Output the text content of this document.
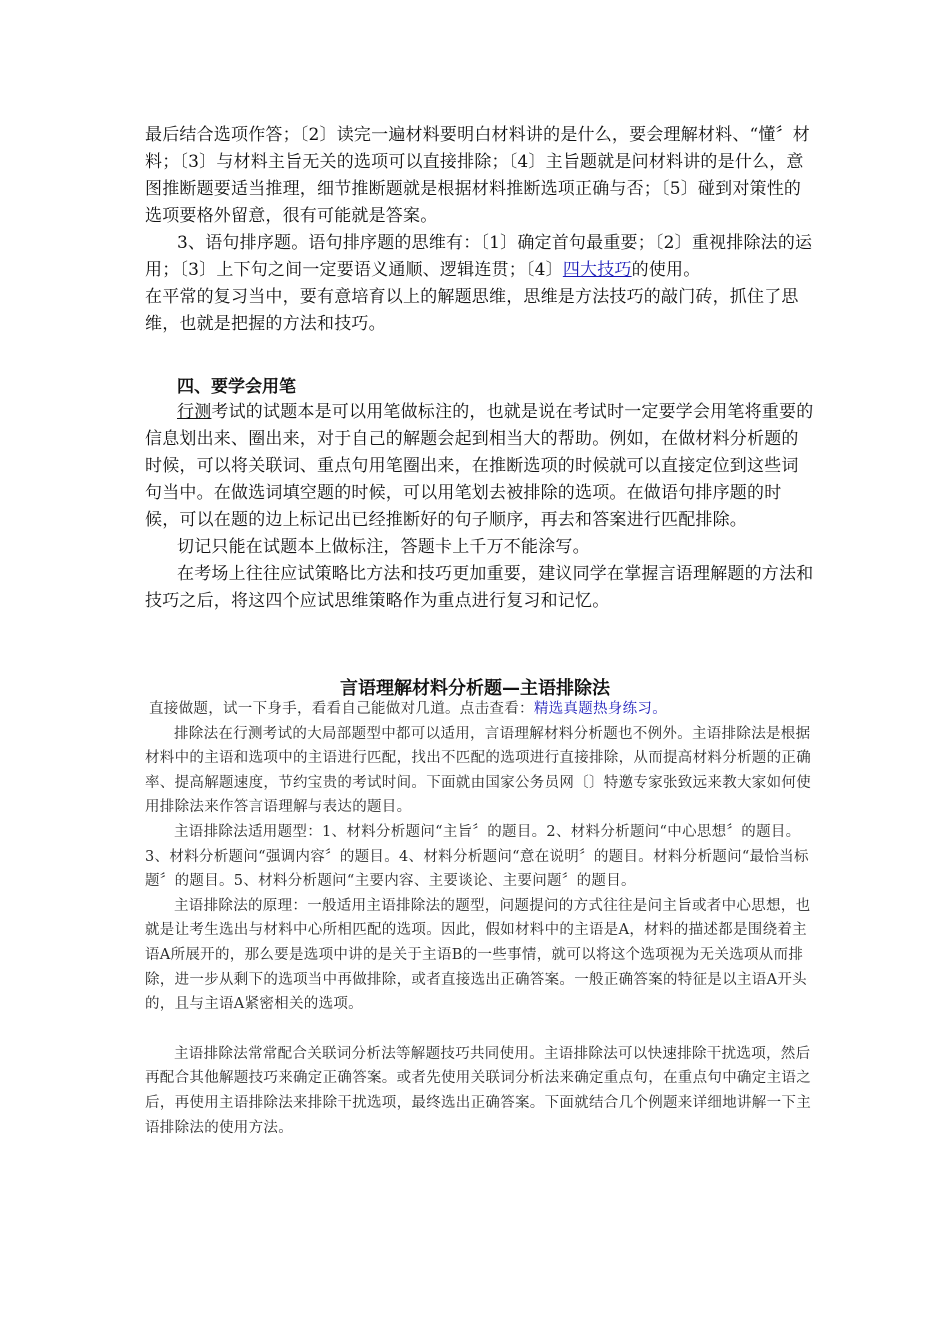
最后结合选项作答；〔2〕读完一遍材料要明白材料讲的是什么，要会理解材料、“懂〞材料；〔3〕与材料主旨无关的选项可以直接排除；〔4〕主旨题就是问材料讲的是什么，意图推断题要适当推理，细节推断题就是根据材料推断选项正确与否；〔5〕碰到对策性的选项要格外留意，很有可能就是答案。

3、语句排序题。语句排序题的思维有：〔1〕确定首句最重要；〔2〕重视排除法的运用；〔3〕上下句之间一定要语义通顺、逻辑连贯；〔4〕四大技巧的使用。

在平常的复习当中，要有意培育以上的解题思维，思维是方法技巧的敲门砖，抓住了思维，也就是把握的方法和技巧。

四、要学会用笔

行测考试的试题本是可以用笔做标注的，也就是说在考试时一定要学会用笔将重要的信息划出来、圈出来，对于自己的解题会起到相当大的帮助。例如，在做材料分析题的时候，可以将关联词、重点句用笔圈出来，在推断选项的时候就可以直接定位到这些词句当中。在做选词填空题的时候，可以用笔划去被排除的选项。在做语句排序题的时候，可以在题的边上标记出已经推断好的句子顺序，再去和答案进行匹配排除。

切记只能在试题本上做标注，答题卡上千万不能涂写。

在考场上往往应试策略比方法和技巧更加重要，建议同学在掌握言语理解题的方法和技巧之后，将这四个应试思维策略作为重点进行复习和记忆。

言语理解材料分析题—主语排除法

直接做题，试一下身手，看看自己能做对几道。点击查看：精选真题热身练习。

排除法在行测考试的大局部题型中都可以适用，言语理解材料分析题也不例外。主语排除法是根据材料中的主语和选项中的主语进行匹配，找出不匹配的选项进行直接排除，从而提高材料分析题的正确率、提高解题速度，节约宝贵的考试时间。下面就由国家公务员网〔〕特邀专家张致远来教大家如何使用排除法来作答言语理解与表达的题目。

主语排除法适用题型：1、材料分析题问“主旨〞的题目。2、材料分析题问“中心思想〞的题目。3、材料分析题问“强调内容〞的题目。4、材料分析题问“意在说明〞的题目。材料分析题问“最恰当标题〞的题目。5、材料分析题问“主要内容、主要谈论、主要问题〞的题目。

主语排除法的原理：一般适用主语排除法的题型，问题提问的方式往往是问主旨或者中心思想，也就是让考生选出与材料中心所相匹配的选项。因此，假如材料中的主语是A，材料的描述都是围绕着主语A所展开的，那么要是选项中讲的是关于主语B的一些事情，就可以将这个选项视为无关选项从而排除，进一步从剩下的选项当中再做排除，或者直接选出正确答案。一般正确答案的特征是以主语A开头的，且与主语A紧密相关的选项。

主语排除法常常配合关联词分析法等解题技巧共同使用。主语排除法可以快速排除干扰选项，然后再配合其他解题技巧来确定正确答案。或者先使用关联词分析法来确定重点句，在重点句中确定主语之后，再使用主语排除法来排除干扰选项，最终选出正确答案。下面就结合几个例题来详细地讲解一下主语排除法的使用方法。
